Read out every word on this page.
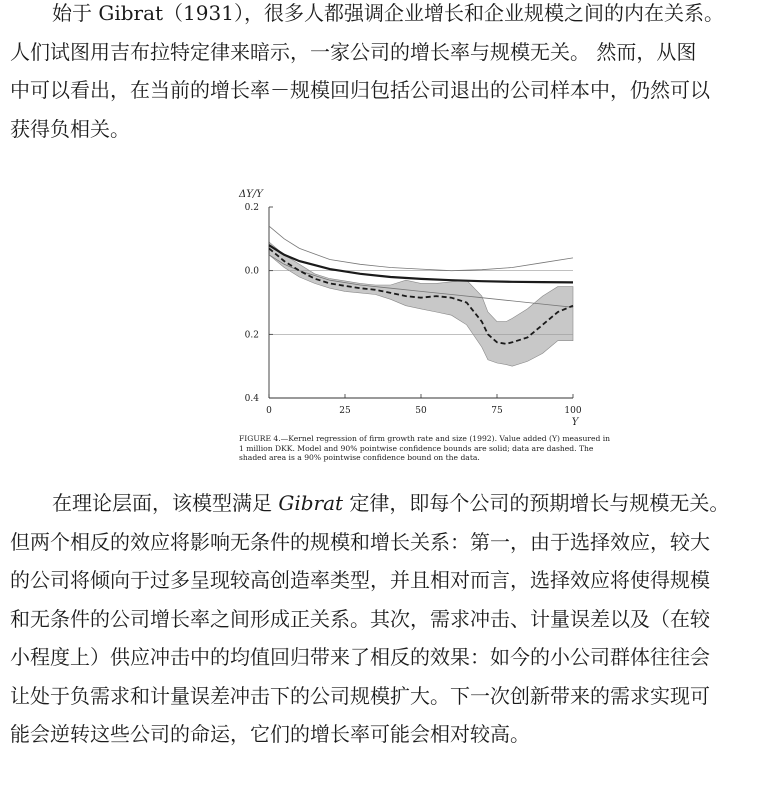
始于 Gibrat（1931），很多人都强调企业增长和企业规模之间的内在关系。
人们试图用吉布拉特定律来暗示，一家公司的增长率与规模无关。 然而，从图
中可以看出，在当前的增长率－规模回归包括公司退出的公司样本中，仍然可以
获得负相关。
0.2
0.0
0.2
0.4
0	25	50	75	100
ΔY/Y
Y
FIGURE 4.—Kernel regression of firm growth rate and size (1992). Value added (Y) measured in 1 million DKK. Model and 90% pointwise confidence bounds are solid; data are dashed. The shaded area is a 90% pointwise confidence bound on the data.
在理论层面，该模型满足 Gibrat 定律，即每个公司的预期增长与规模无关。
但两个相反的效应将影响无条件的规模和增长关系：第一，由于选择效应，较大
的公司将倾向于过多呈现较高创造率类型，并且相对而言，选择效应将使得规模
和无条件的公司增长率之间形成正关系。其次，需求冲击、计量误差以及（在较
小程度上）供应冲击中的均值回归带来了相反的效果：如今的小公司群体往往会
让处于负需求和计量误差冲击下的公司规模扩大。下一次创新带来的需求实现可
能会逆转这些公司的命运，它们的增长率可能会相对较高。
